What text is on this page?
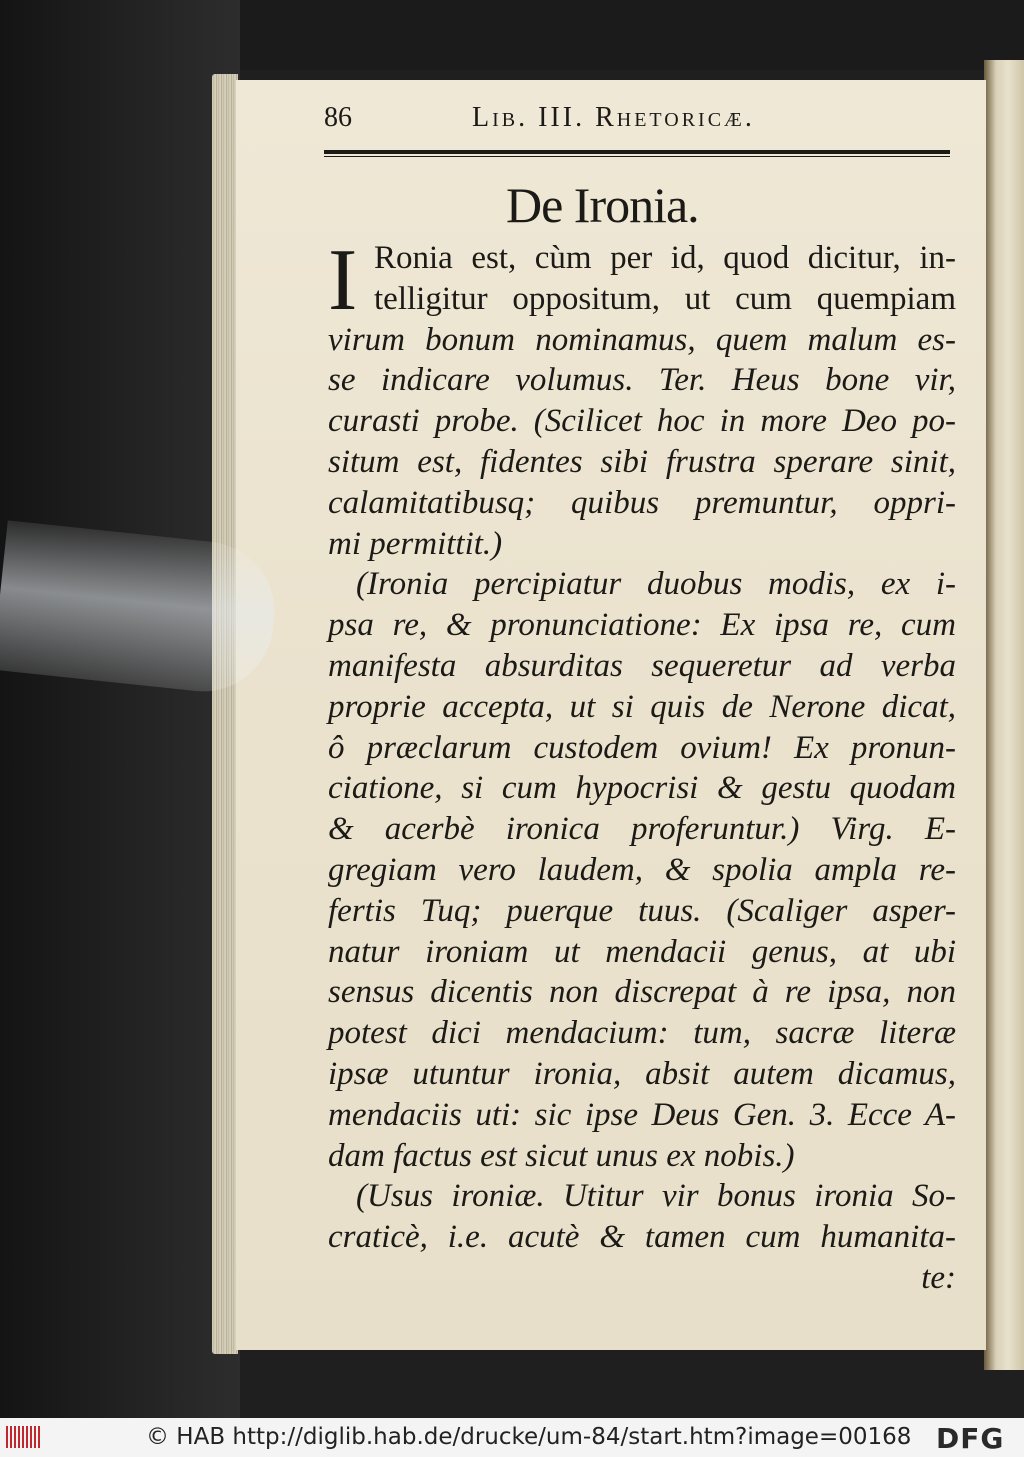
86	Lib. III. Rhetoricæ.
De Ironia.
I Ronia est, cùm per id, quod dicitur, in-
telligitur oppositum, ut cum quempiam
virum bonum nominamus, quem malum es-
se indicare volumus. Ter. Heus bone vir,
curasti probe. (Scilicet hoc in more Deo po-
situm est, fidentes sibi frustra sperare sinit,
calamitatibusq; quibus premuntur, oppri-
mi permittit.)
(Ironia percipiatur duobus modis, ex i-
psa re, & pronunciatione: Ex ipsa re, cum
manifesta absurditas sequeretur ad verba
proprie accepta, ut si quis de Nerone dicat,
ô præclarum custodem ovium! Ex pronun-
ciatione, si cum hypocrisi & gestu quodam
& acerbè ironica proferuntur.) Virg. E-
gregiam vero laudem, & spolia ampla re-
fertis Tuq; puerque tuus. (Scaliger asper-
natur ironiam ut mendacii genus, at ubi
sensus dicentis non discrepat à re ipsa, non
potest dici mendacium: tum, sacræ literæ
ipsæ utuntur ironia, absit autem dicamus,
mendaciis uti: sic ipse Deus Gen. 3. Ecce A-
dam factus est sicut unus ex nobis.)
(Usus ironiæ. Utitur vir bonus ironia So-
craticè, i.e. acutè & tamen cum humanita-
te:
© HAB http://diglib.hab.de/drucke/um-84/start.htm?image=00168 DFG
